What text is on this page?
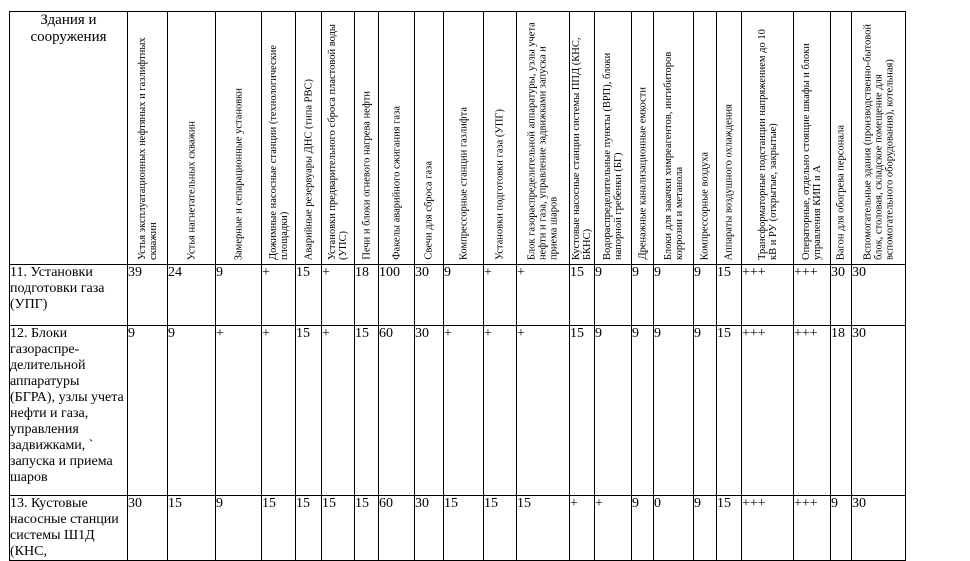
Здания и сооружения	Устья эксплуатационных нефтяных и газлифтных скважин	Устья нагнетательных скважин	Замерные и сепарационные установки	Дожимные насосные станции (технологические площадки)	Аварийные резервуары ДНС (типа РВС)	Установки предварительного сброса пластовой воды (УПС)	Печи и блоки огневого нагрева нефти	Факелы аварийного сжигания газа	Свечи для сброса газа	Компрессорные станции газлифта	Установки подготовки газа (УПГ)	Блок газораспределительной аппаратуры, узлы учета нефти и газа, управление задвижками запуска и приема шаров	Кустовые насосные станции системы ППД (КНС, БКНС)	Водораспределительные пункты (ВРП), блоки напорной гребенки (БГ)	Дренажные канализационные емкости	Блоки для закачки химреагентов, ингибиторов коррозии и метанола	Компрессорные воздуха	Аппараты воздушного охлаждения	Трансформаторные подстанции напряжением до 10 кВ и РУ (открытые, закрытые)	Операторные, отдельно стоящие шкафы и блоки управления КИП и А	Вагон для обогрева персонала	Вспомогательные здания (производственно-бытовой блок, столовая, складское помещение для вспомогательного оборудования), котельная)

11. Установки подготовки газа (УПГ)	39	24	9	+	15	+	18	100	30	9	+	+	15	9	9	9	9	15	+++	+++	30	30
12. Блоки газораспре-делительной аппаратуры (БГРА), узлы учета нефти и газа, управления задвижками, ` запуска и приема шаров	9	9	+	+	15	+	15	60	30	+	+	+	15	9	9	9	9	15	+++	+++	18	30
13. Кустовые насосные станции системы Ш1Д (КНС,	30	15	9	15	15	15	15	60	30	15	15	15	+	+	9	0	9	15	+++	+++	9	30
